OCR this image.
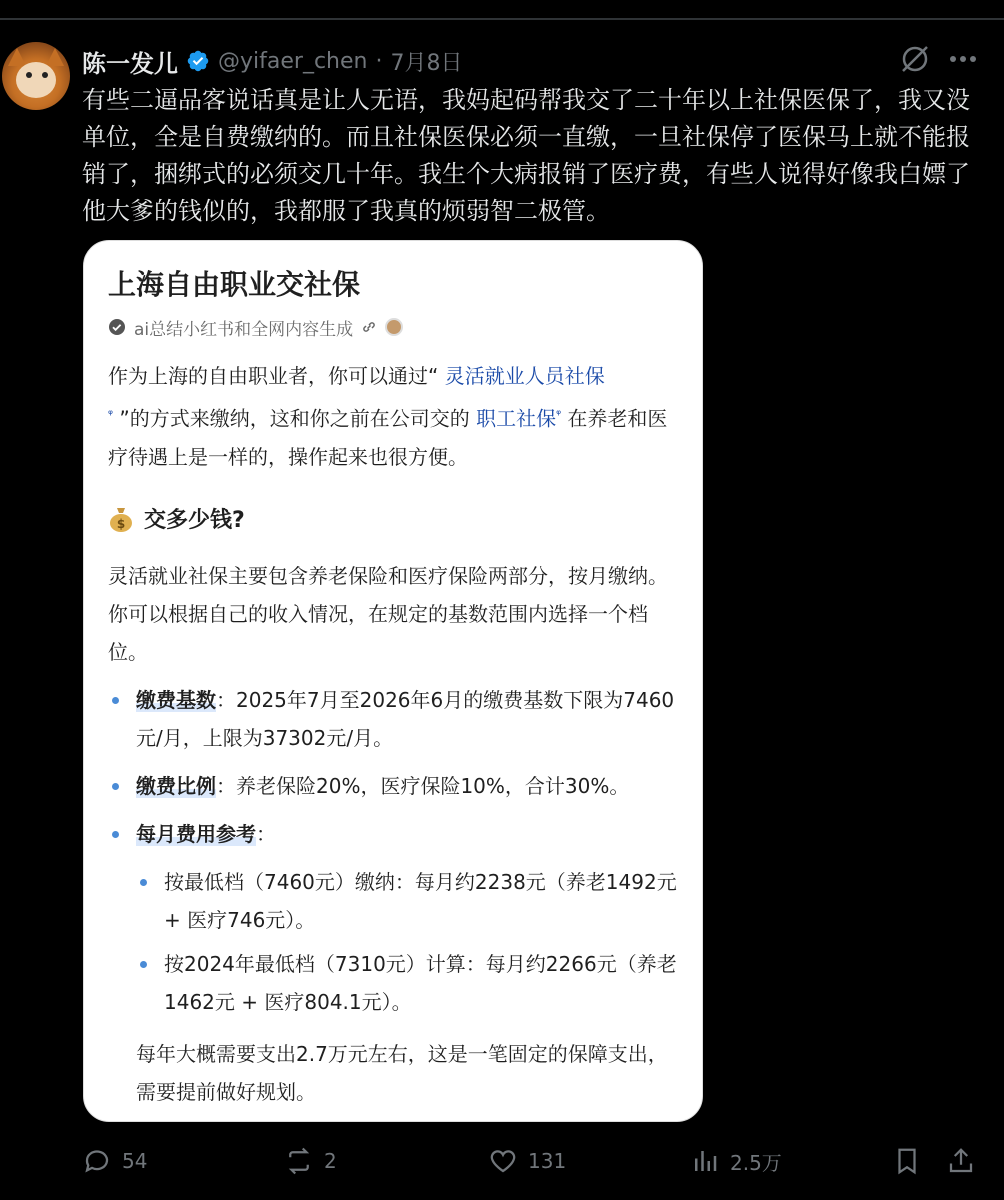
陈一发儿 @yifaer_chen · 7月8日
有些二逼品客说话真是让人无语，我妈起码帮我交了二十年以上社保医保了，我又没单位，全是自费缴纳的。而且社保医保必须一直缴，一旦社保停了医保马上就不能报销了，捆绑式的必须交几十年。我生个大病报销了医疗费，有些人说得好像我白嫖了他大爹的钱似的，我都服了我真的烦弱智二极管。
上海自由职业交社保
ai总结小红书和全网内容生成
作为上海的自由职业者，你可以通过“ 灵活就业人员社保
$^ᵠ$ ”的方式来缴纳，这和你之前在公司交的 职工社保$^ᵠ$ 在养老和医疗待遇上是一样的，操作起来也很方便。
$ 交多少钱?
灵活就业社保主要包含养老保险和医疗保险两部分，按月缴纳。你可以根据自己的收入情况，在规定的基数范围内选择一个档位。
缴费基数：2025年7月至2026年6月的缴费基数下限为7460元/月，上限为37302元/月。
缴费比例：养老保险20%，医疗保险10%，合计30%。
每月费用参考：
按最低档（7460元）缴纳：每月约2238元（养老1492元 + 医疗746元）。
按2024年最低档（7310元）计算：每月约2266元（养老1462元 + 医疗804.1元）。
每年大概需要支出2.7万元左右，这是一笔固定的保障支出，需要提前做好规划。
54	2	131	2.5万
